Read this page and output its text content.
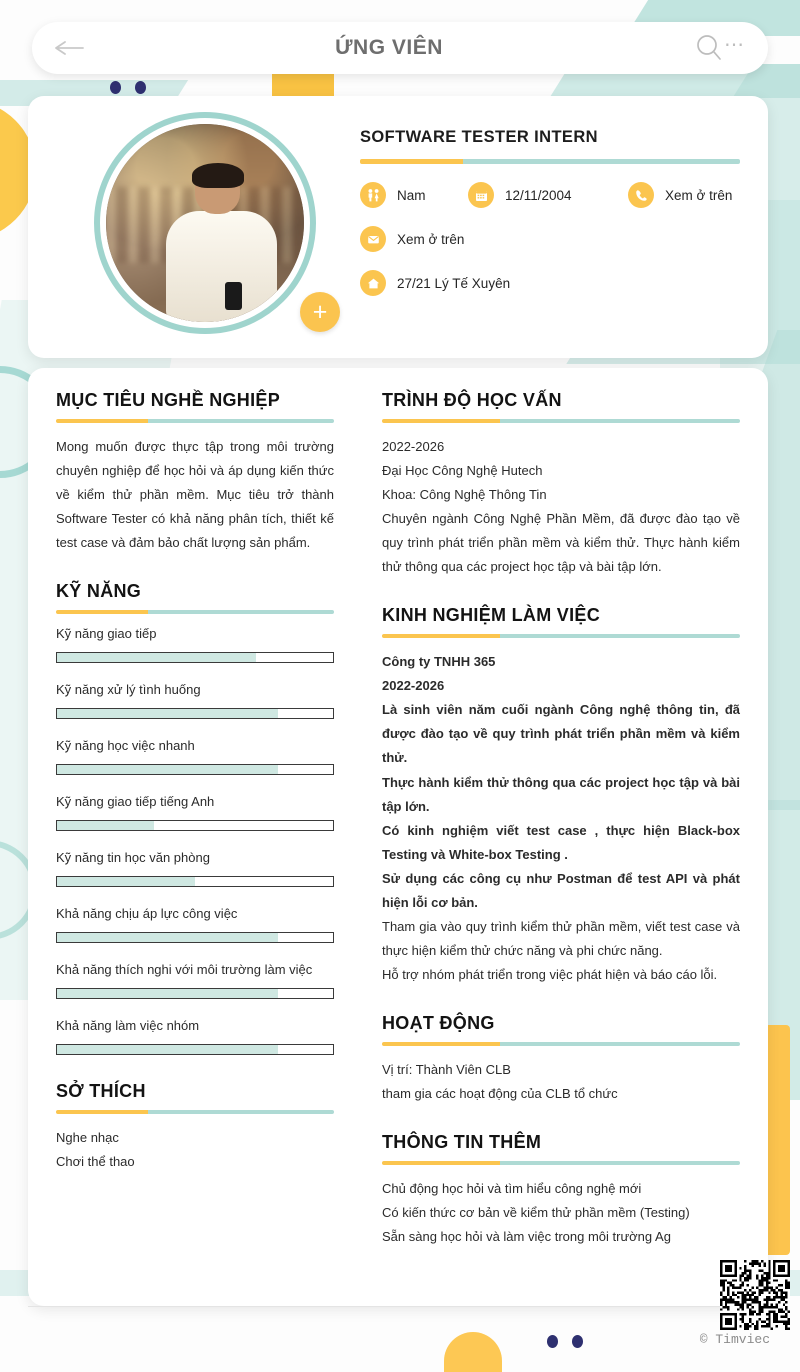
ỨNG VIÊN	⋯
+
SOFTWARE TESTER INTERN
Nam	12/11/2004	Xem ở trên
Xem ở trên
27/21 Lý Tế Xuyên
MỤC TIÊU NGHỀ NGHIỆP

Mong muốn được thực tập trong môi trường chuyên nghiệp để học hỏi và áp dụng kiến thức về kiểm thử phần mềm. Mục tiêu trở thành Software Tester có khả năng phân tích, thiết kế test case và đảm bảo chất lượng sản phẩm.

KỸ NĂNG
Kỹ năng giao tiếp
Kỹ năng xử lý tình huống
Kỹ năng học việc nhanh
Kỹ năng giao tiếp tiếng Anh
Kỹ năng tin học văn phòng
Khả năng chịu áp lực công việc
Khả năng thích nghi với môi trường làm việc
Khả năng làm việc nhóm
SỞ THÍCH

Nghe nhạc

Chơi thể thao

TRÌNH ĐỘ HỌC VẤN
2022-2026
Đại Học Công Nghệ Hutech
Khoa: Công Nghệ Thông Tin

Chuyên ngành Công Nghệ Phần Mềm, đã được đào tạo về quy trình phát triển phần mềm và kiểm thử. Thực hành kiểm thử thông qua các project học tập và bài tập lớn.

KINH NGHIỆM LÀM VIỆC
Công ty TNHH 365
2022-2026

Là sinh viên năm cuối ngành Công nghệ thông tin, đã được đào tạo về quy trình phát triển phần mềm và kiểm thử.

Thực hành kiểm thử thông qua các project học tập và bài tập lớn.

Có kinh nghiệm viết test case , thực hiện Black-box Testing và White-box Testing .

Sử dụng các công cụ như Postman để test API và phát hiện lỗi cơ bản.

Tham gia vào quy trình kiểm thử phần mềm, viết test case và thực hiện kiểm thử chức năng và phi chức năng.

Hỗ trợ nhóm phát triển trong việc phát hiện và báo cáo lỗi.

HOẠT ĐỘNG

Vị trí: Thành Viên CLB

tham gia các hoạt động của CLB tổ chức

THÔNG TIN THÊM

Chủ động học hỏi và tìm hiểu công nghệ mới

Có kiến thức cơ bản về kiểm thử phần mềm (Testing)

Sẵn sàng học hỏi và làm việc trong môi trường Ag

© Timviec
